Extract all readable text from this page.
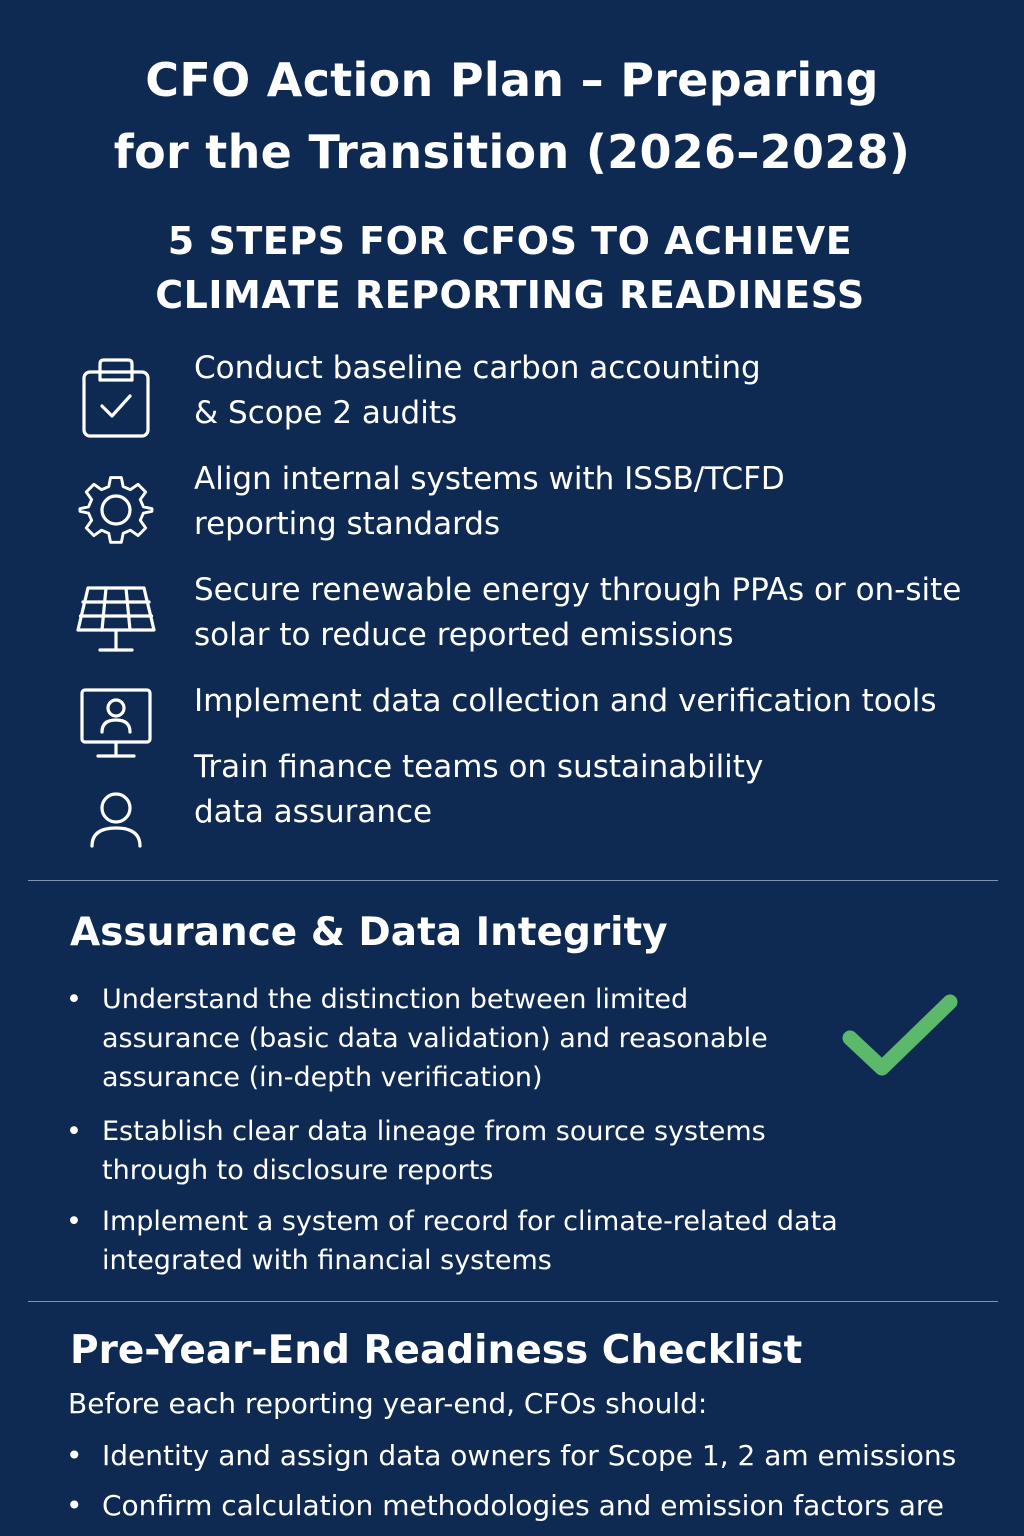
CFO Action Plan – Preparing
for the Transition (2026–2028)
5 STEPS FOR CFOS TO ACHIEVE
CLIMATE REPORTING READINESS
Conduct baseline carbon accounting
& Scope 2 audits
Align internal systems with ISSB/TCFD
reporting standards
Secure renewable energy through PPAs or on-site
solar to reduce reported emissions
Implement data collection and verification tools
Train finance teams on sustainability
data assurance
Assurance & Data Integrity
• Understand the distinction between limited
assurance (basic data validation) and reasonable
assurance (in-depth verification)
• Establish clear data lineage from source systems
through to disclosure reports
• Implement a system of record for climate-related data
integrated with financial systems
Pre-Year-End Readiness Checklist
Before each reporting year-end, CFOs should:
• Identity and assign data owners for Scope 1, 2 am emissions
• Confirm calculation methodologies and emission factors are
